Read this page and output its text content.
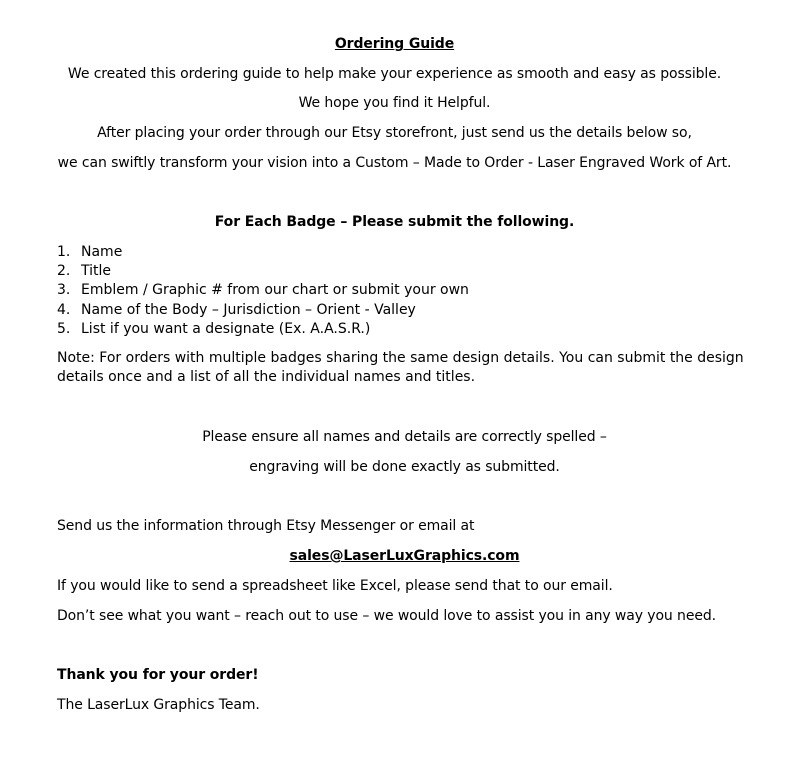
Ordering Guide
We created this ordering guide to help make your experience as smooth and easy as possible.
We hope you find it Helpful.
After placing your order through our Etsy storefront, just send us the details below so,
we can swiftly transform your vision into a Custom – Made to Order - Laser Engraved Work of Art.
For Each Badge – Please submit the following.
1. Name
2. Title
3. Emblem / Graphic # from our chart or submit your own
4. Name of the Body – Jurisdiction – Orient - Valley
5. List if you want a designate (Ex. A.A.S.R.)
Note: For orders with multiple badges sharing the same design details. You can submit the design details once and a list of all the individual names and titles.
Please ensure all names and details are correctly spelled –
engraving will be done exactly as submitted.
Send us the information through Etsy Messenger or email at
sales@LaserLuxGraphics.com
If you would like to send a spreadsheet like Excel, please send that to our email.
Don’t see what you want – reach out to use – we would love to assist you in any way you need.
Thank you for your order!
The LaserLux Graphics Team.
